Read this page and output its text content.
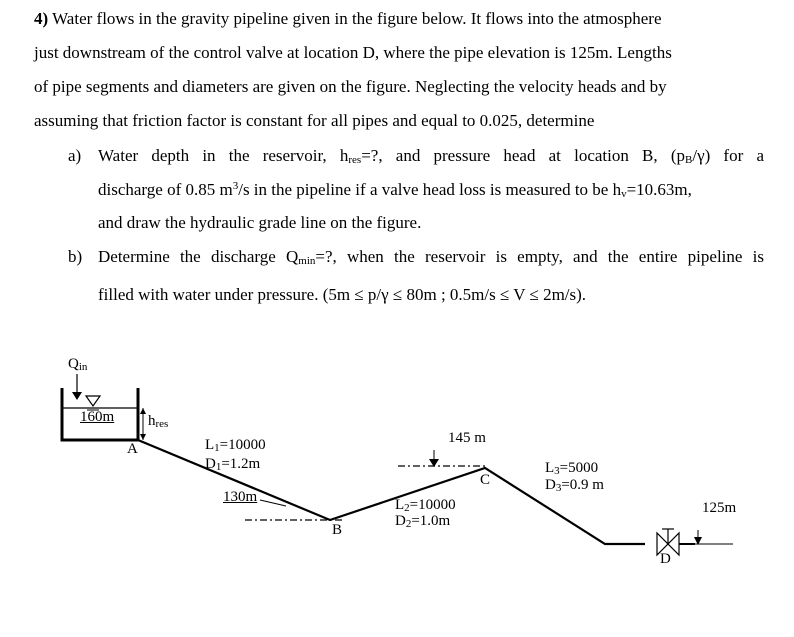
4) Water flows in the gravity pipeline given in the figure below. It flows into the atmosphere
just downstream of the control valve at location D, where the pipe elevation is 125m. Lengths
of pipe segments and diameters are given on the figure. Neglecting the velocity heads and by
assuming that friction factor is constant for all pipes and equal to 0.025, determine
a) Water depth in the reservoir, $h_{res}=$?, and pressure head at location B, $(p_B/\gamma)$ for a
discharge of 0.85 $m^3/s$ in the pipeline if a valve head loss is measured to be $h_v=10.63m$,
and draw the hydraulic grade line on the figure.
b) Determine the discharge $Q_{min}=$?, when the reservoir is empty, and the entire pipeline is
filled with water under pressure. (5m ≤ p/γ ≤ 80m ; 0.5m/s ≤ V ≤ 2m/s).
$Q_{in}$
160m $h_{res}$
A	$L_1=10000$
$D_1=1.2m$
130m
B
145 m
C
$L_2=10000$
$D_2=1.0m$
$L_3=5000$
$D_3=0.9$ m
125m
D
